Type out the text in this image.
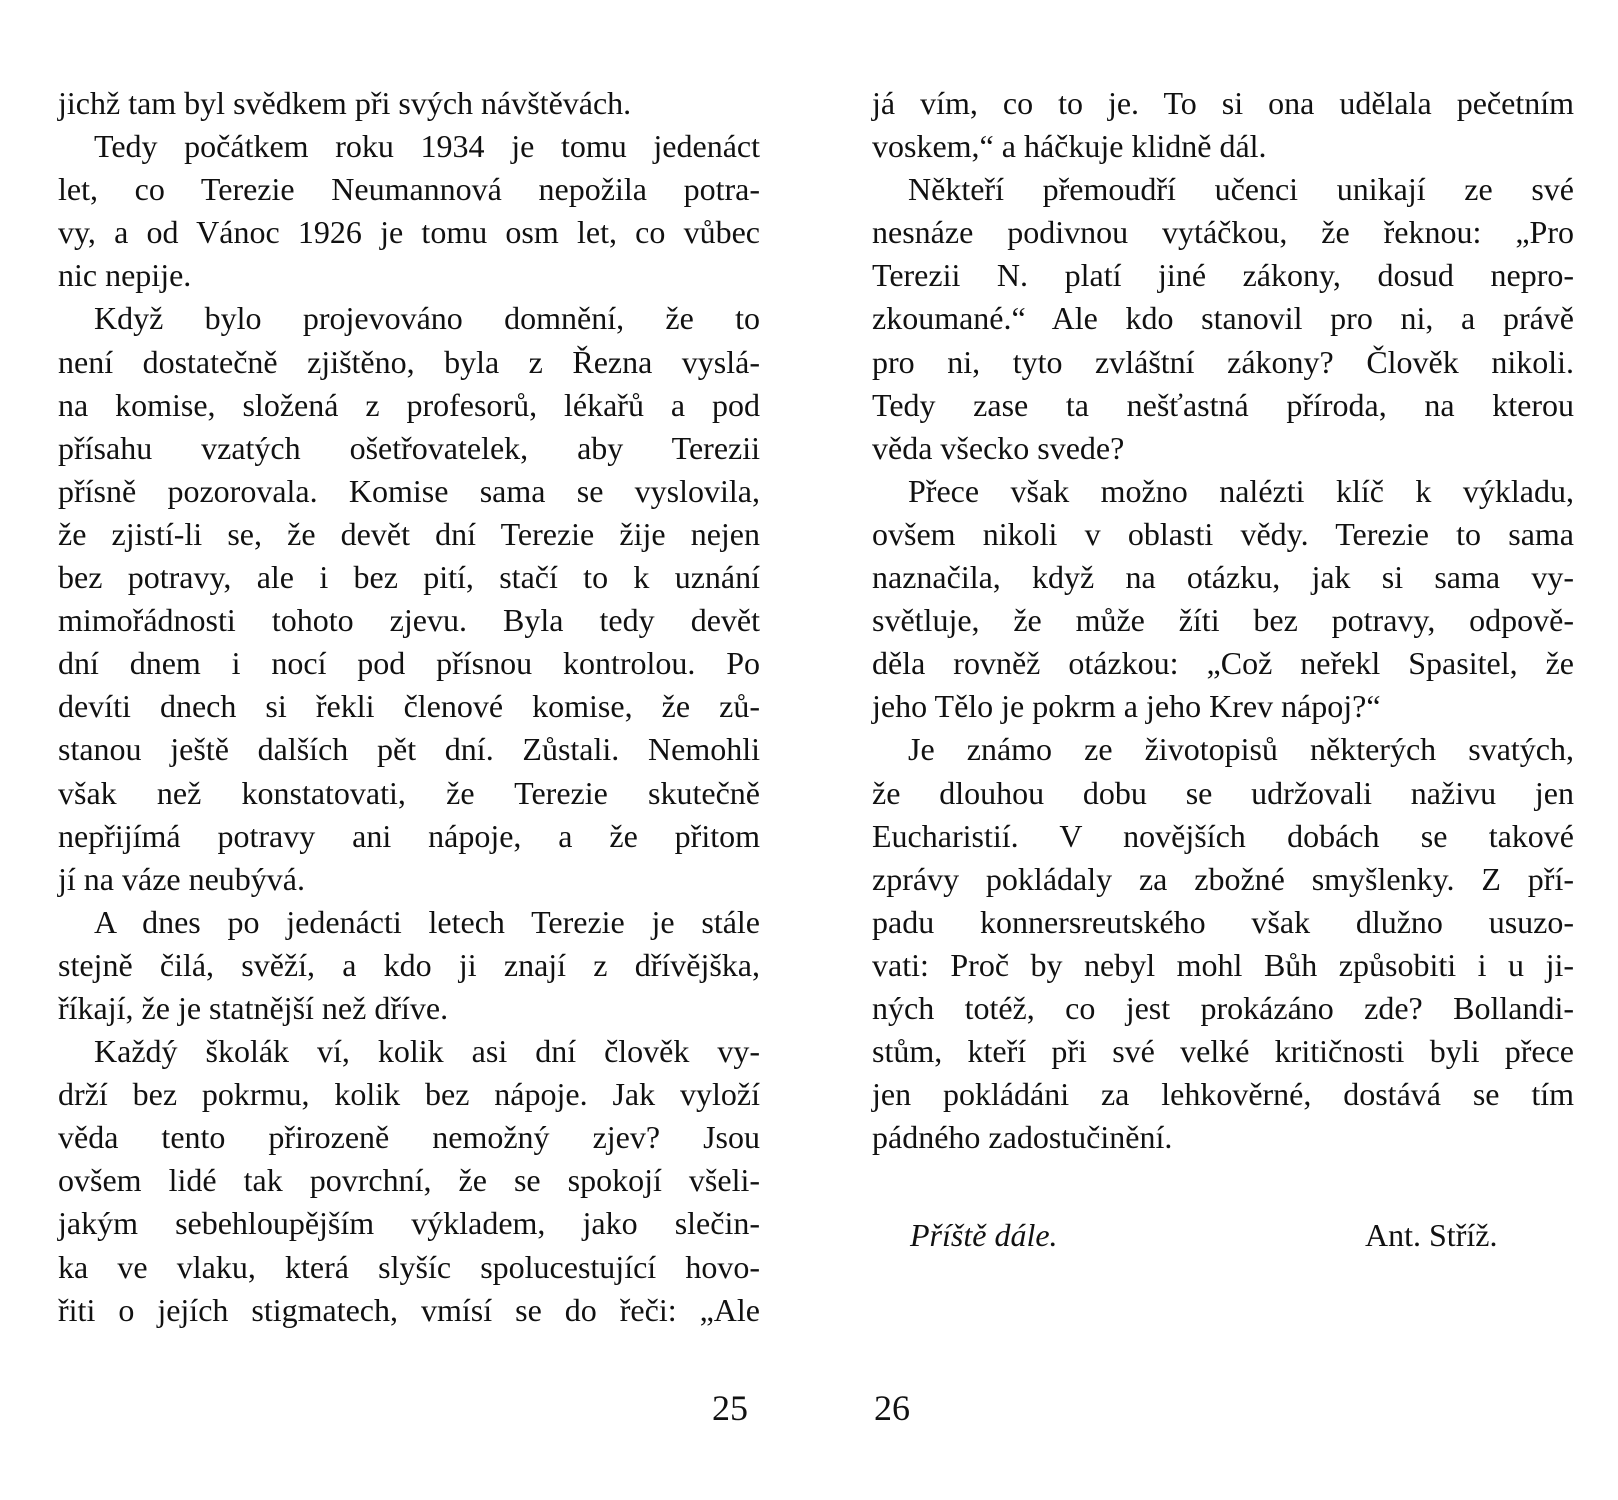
jichž tam byl svědkem při svých návštěvách.
Tedy počátkem roku 1934 je tomu jedenáct
let, co Terezie Neumannová nepožila potra-
vy, a od Vánoc 1926 je tomu osm let, co vůbec
nic nepije.
Když bylo projevováno domnění, že to
není dostatečně zjištěno, byla z Řezna vyslá-
na komise, složená z profesorů, lékařů a pod
přísahu vzatých ošetřovatelek, aby Terezii
přísně pozorovala. Komise sama se vyslovila,
že zjistí-li se, že devět dní Terezie žije nejen
bez potravy, ale i bez pití, stačí to k uznání
mimořádnosti tohoto zjevu. Byla tedy devět
dní dnem i nocí pod přísnou kontrolou. Po
devíti dnech si řekli členové komise, že zů-
stanou ještě dalších pět dní. Zůstali. Nemohli
však než konstatovati, že Terezie skutečně
nepřijímá potravy ani nápoje, a že přitom
jí na váze neubývá.
A dnes po jedenácti letech Terezie je stále
stejně čilá, svěží, a kdo ji znají z dřívějška,
říkají, že je statnější než dříve.
Každý školák ví, kolik asi dní člověk vy-
drží bez pokrmu, kolik bez nápoje. Jak vyloží
věda tento přirozeně nemožný zjev? Jsou
ovšem lidé tak povrchní, že se spokojí všeli-
jakým sebehloupějším výkladem, jako slečin-
ka ve vlaku, která slyšíc spolucestující hovo-
řiti o jejích stigmatech, vmísí se do řeči: „Ale
já vím, co to je. To si ona udělala pečetním
voskem,“ a háčkuje klidně dál.
Někteří přemoudří učenci unikají ze své
nesnáze podivnou vytáčkou, že řeknou: „Pro
Terezii N. platí jiné zákony, dosud nepro-
zkoumané.“ Ale kdo stanovil pro ni, a právě
pro ni, tyto zvláštní zákony? Člověk nikoli.
Tedy zase ta nešťastná příroda, na kterou
věda všecko svede?
Přece však možno nalézti klíč k výkladu,
ovšem nikoli v oblasti vědy. Terezie to sama
naznačila, když na otázku, jak si sama vy-
světluje, že může žíti bez potravy, odpově-
děla rovněž otázkou: „Což neřekl Spasitel, že
jeho Tělo je pokrm a jeho Krev nápoj?“
Je známo ze životopisů některých svatých,
že dlouhou dobu se udržovali naživu jen
Eucharistií. V novějších dobách se takové
zprávy pokládaly za zbožné smyšlenky. Z pří-
padu konnersreutského však dlužno usuzo-
vati: Proč by nebyl mohl Bůh způsobiti i u ji-
ných totéž, co jest prokázáno zde? Bollandi-
stům, kteří při své velké kritičnosti byli přece
jen pokládáni za lehkověrné, dostává se tím
pádného zadostučinění.
Příště dále.	Ant. Stříž.
25	26
